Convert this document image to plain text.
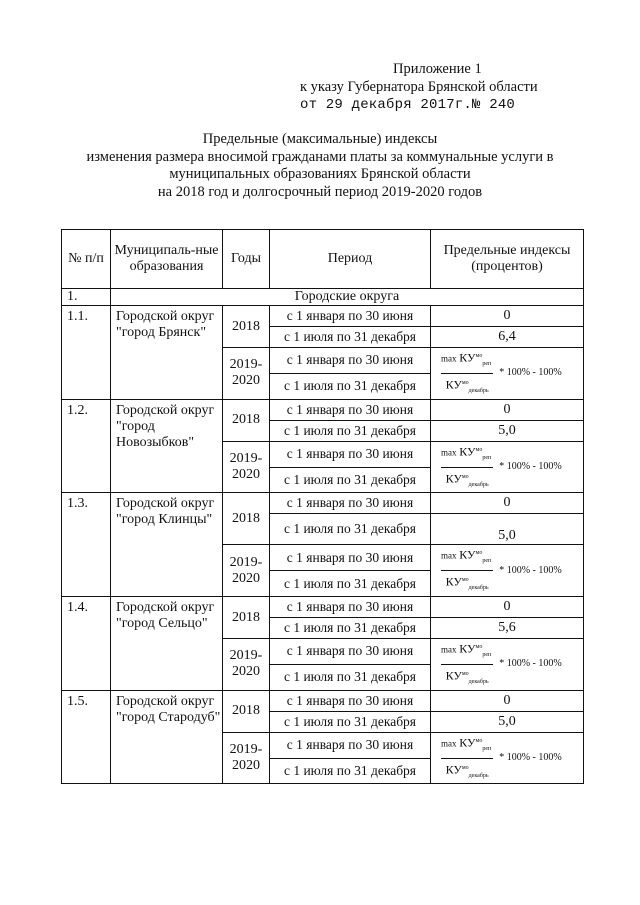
Приложение 1
к указу Губернатора Брянской области
от 29 декабря 2017г.№ 240
Предельные (максимальные) индексы
изменения размера вносимой гражданами платы за коммунальные услуги в
муниципальных образованиях Брянской области
на 2018 год и долгосрочный период 2019-2020 годов
№ п/п	Муниципаль-ные образования	Годы	Период	Предельные индексы (процентов)
1.	Городские округа			
1.1.	Городской округ "город Брянск"	2018	с 1 января по 30 июня	0
			с 1 июля по 31 декабря	6,4
		2019-2020	с 1 января по 30 июня	$\frac{\max КУ^{мо}_{реп}}{КУ^{мо}_{декабрь}} * 100\% - 100\%$

			с 1 июля по 31 декабря	
1.2.	Городской округ "город Новозыбков"	2018	с 1 января по 30 июня	0
			с 1 июля по 31 декабря	5,0
		2019-2020	с 1 января по 30 июня	$\frac{\max КУ^{мо}_{реп}}{КУ^{мо}_{декабрь}} * 100\% - 100\%$

			с 1 июля по 31 декабря	
1.3.	Городской округ "город Клинцы"	2018	с 1 января по 30 июня	0
			с 1 июля по 31 декабря	5,0
		2019-2020	с 1 января по 30 июня	$\frac{\max КУ^{мо}_{реп}}{КУ^{мо}_{декабрь}} * 100\% - 100\%$

			с 1 июля по 31 декабря	
1.4.	Городской округ "город Сельцо"	2018	с 1 января по 30 июня	0
			с 1 июля по 31 декабря	5,6
		2019-2020	с 1 января по 30 июня	$\frac{\max КУ^{мо}_{реп}}{КУ^{мо}_{декабрь}} * 100\% - 100\%$

			с 1 июля по 31 декабря	
1.5.	Городской округ "город Стародуб"	2018	с 1 января по 30 июня	0
			с 1 июля по 31 декабря	5,0
		2019-2020	с 1 января по 30 июня	$\frac{\max КУ^{мо}_{реп}}{КУ^{мо}_{декабрь}} * 100\% - 100\%$

			с 1 июля по 31 декабря	
